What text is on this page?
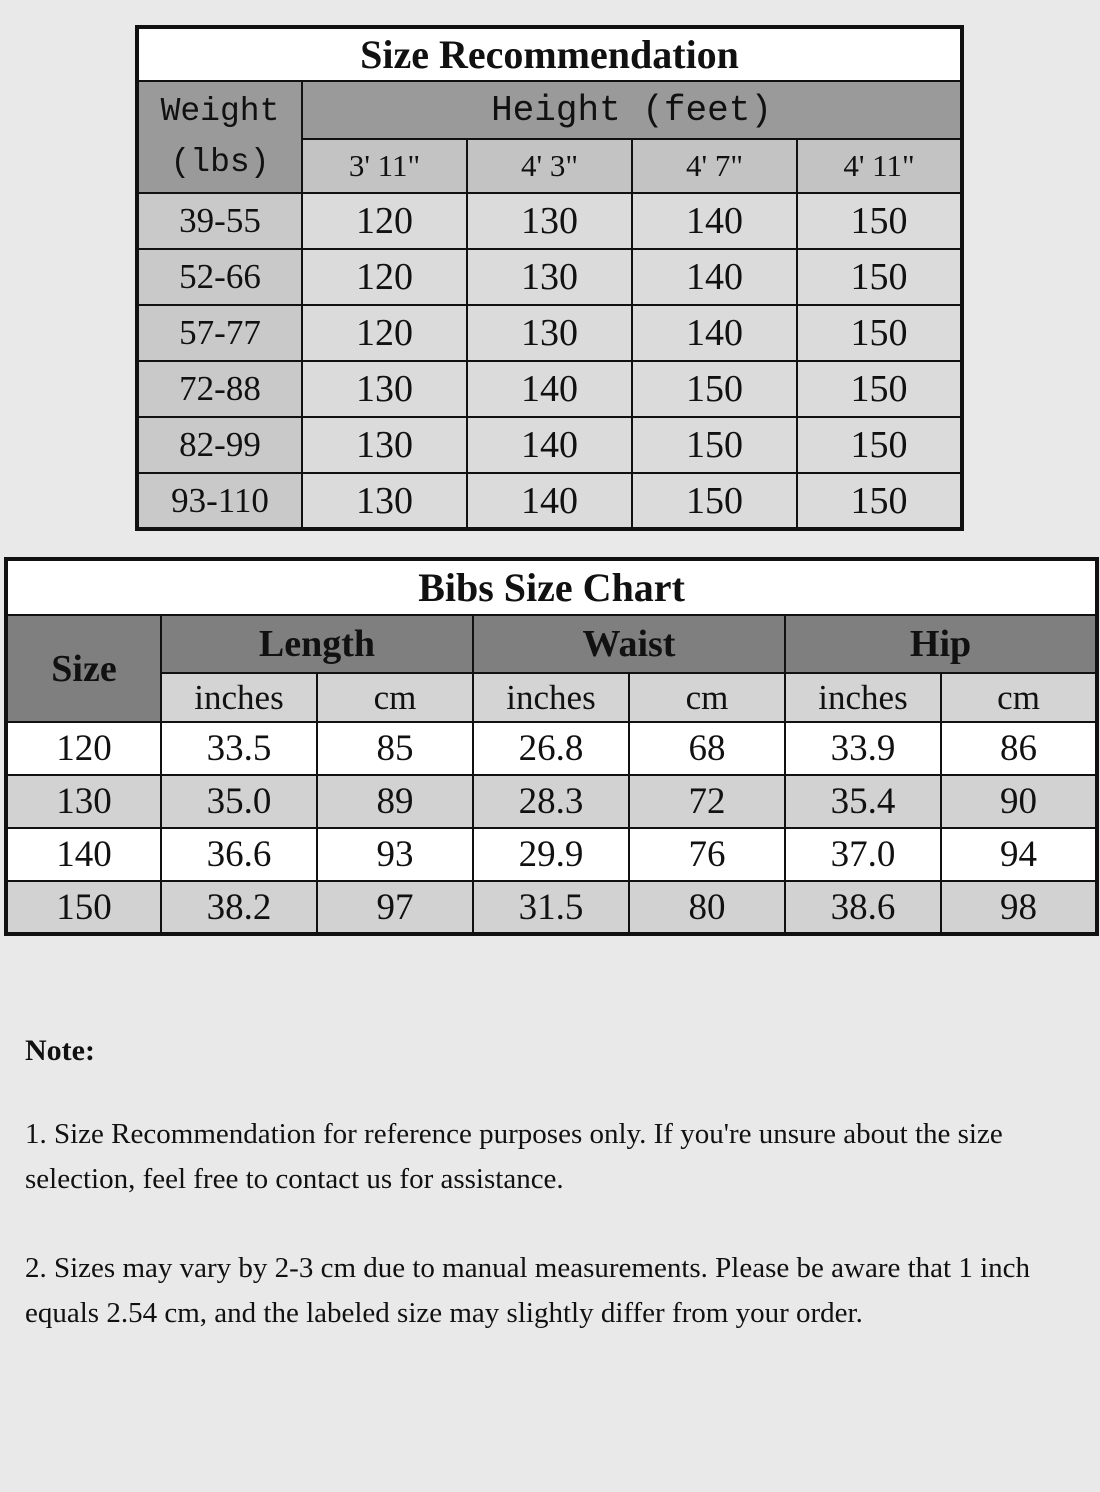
Size Recommendation				

Weight
(lbs)	Height (feet)			
	3' 11"	4' 3"	4' 7"	4' 11"
39-55	120	130	140	150
52-66	120	130	140	150
57-77	120	130	140	150
72-88	130	140	150	150
82-99	130	140	150	150
93-110	130	140	150	150
Bibs Size Chart						
Size	Length		Waist		Hip	
	inches	cm	inches	cm	inches	cm
120	33.5	85	26.8	68	33.9	86
130	35.0	89	28.3	72	35.4	90
140	36.6	93	29.9	76	37.0	94
150	38.2	97	31.5	80	38.6	98
Note:

1. Size Recommendation for reference purposes only. If you're unsure about the size selection, feel free to contact us for assistance.

2. Sizes may vary by 2-3 cm due to manual measurements. Please be aware that 1 inch equals 2.54 cm, and the labeled size may slightly differ from your order.
